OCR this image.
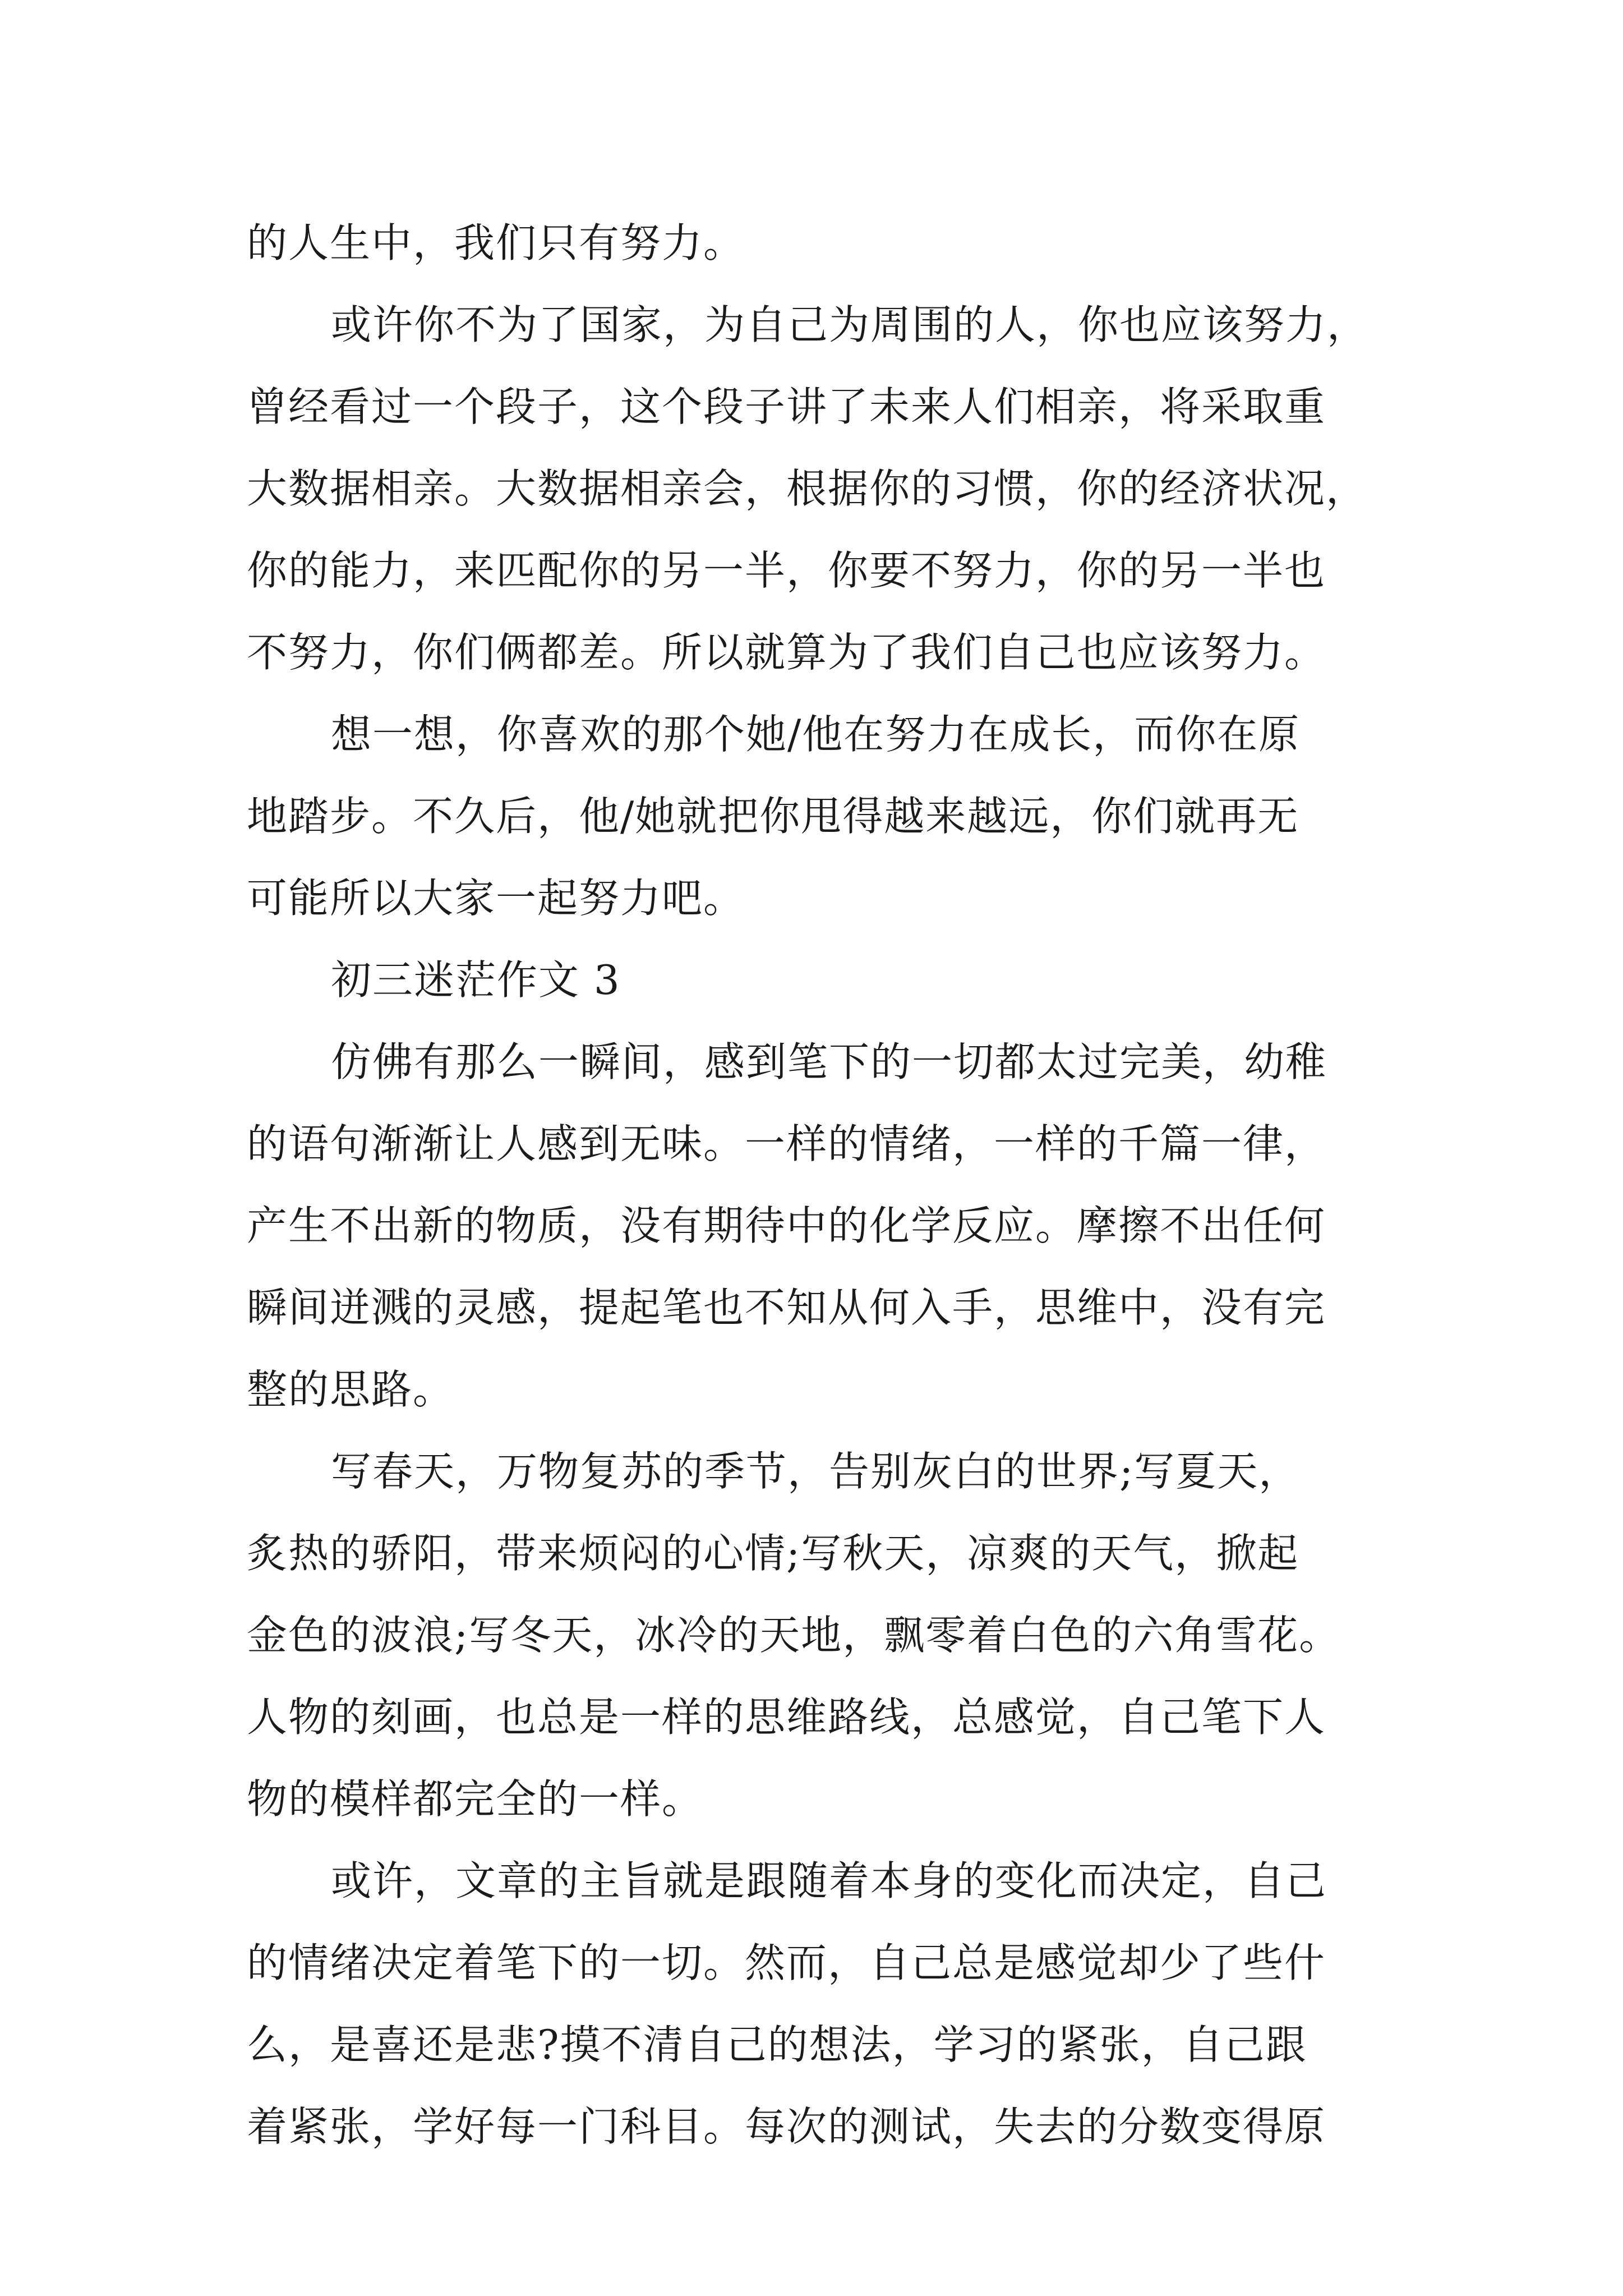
的人生中，我们只有努力。
或许你不为了国家，为自己为周围的人，你也应该努力，
曾经看过一个段子，这个段子讲了未来人们相亲，将采取重
大数据相亲。大数据相亲会，根据你的习惯，你的经济状况，
你的能力，来匹配你的另一半，你要不努力，你的另一半也
不努力，你们俩都差。所以就算为了我们自己也应该努力。
想一想，你喜欢的那个她/他在努力在成长，而你在原
地踏步。不久后，他/她就把你甩得越来越远，你们就再无
可能所以大家一起努力吧。
初三迷茫作文 3
仿佛有那么一瞬间，感到笔下的一切都太过完美，幼稚
的语句渐渐让人感到无味。一样的情绪，一样的千篇一律，
产生不出新的物质，没有期待中的化学反应。摩擦不出任何
瞬间迸溅的灵感，提起笔也不知从何入手，思维中，没有完
整的思路。
写春天，万物复苏的季节，告别灰白的世界;写夏天，
炙热的骄阳，带来烦闷的心情;写秋天，凉爽的天气，掀起
金色的波浪;写冬天，冰冷的天地，飘零着白色的六角雪花。
人物的刻画，也总是一样的思维路线，总感觉，自己笔下人
物的模样都完全的一样。
或许，文章的主旨就是跟随着本身的变化而决定，自己
的情绪决定着笔下的一切。然而，自己总是感觉却少了些什
么，是喜还是悲?摸不清自己的想法，学习的紧张，自己跟
着紧张，学好每一门科目。每次的测试，失去的分数变得原
